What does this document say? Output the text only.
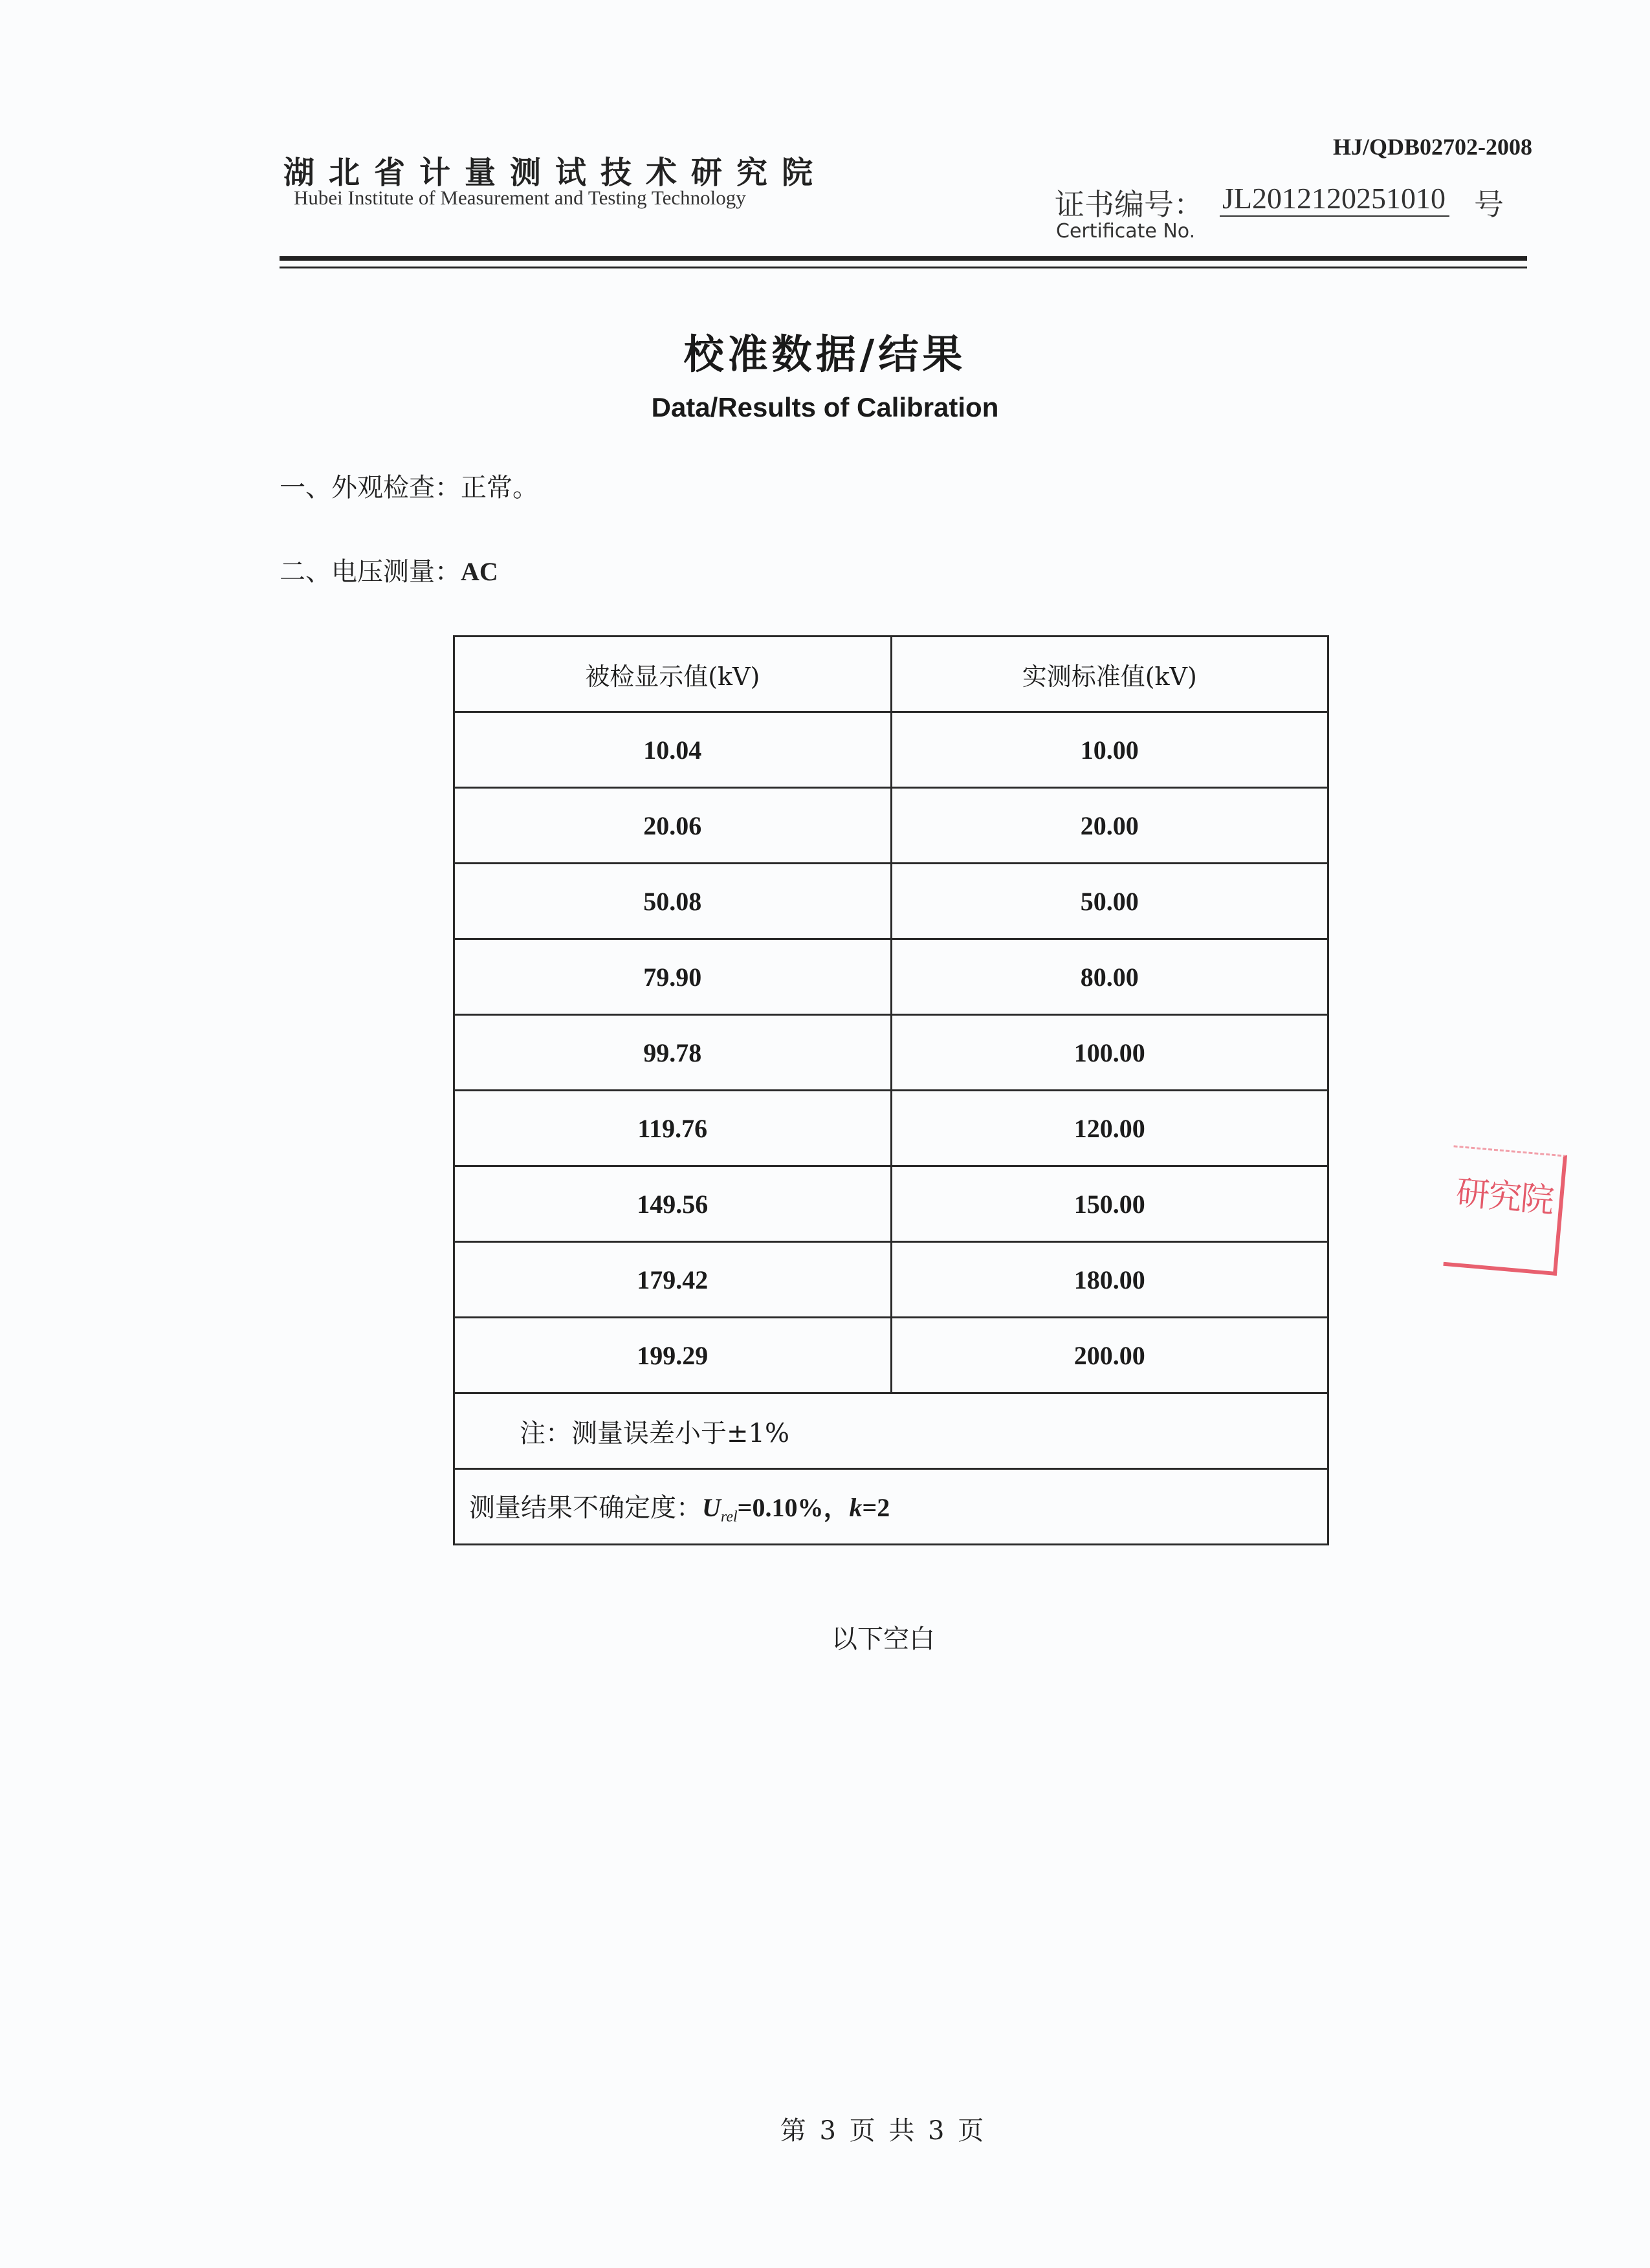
湖北省计量测试技术研究院
Hubei Institute of Measurement and Testing Technology
HJ/QDB02702-2008
证书编号： JL2012120251010 号
Certificate No.
校准数据/结果
Data/Results of Calibration
一、外观检查：正常。
二、电压测量：AC
被检显示值(kV)	实测标准值(kV)
10.04	10.00
20.06	20.00
50.08	50.00
79.90	80.00
99.78	100.00
119.76	120.00
149.56	150.00
179.42	180.00
199.29	200.00
注：测量误差小于±1%	
测量结果不确定度：$U_{rel}=0.10\%$，k=2	
以下空白
研究院
第 3 页 共 3 页
